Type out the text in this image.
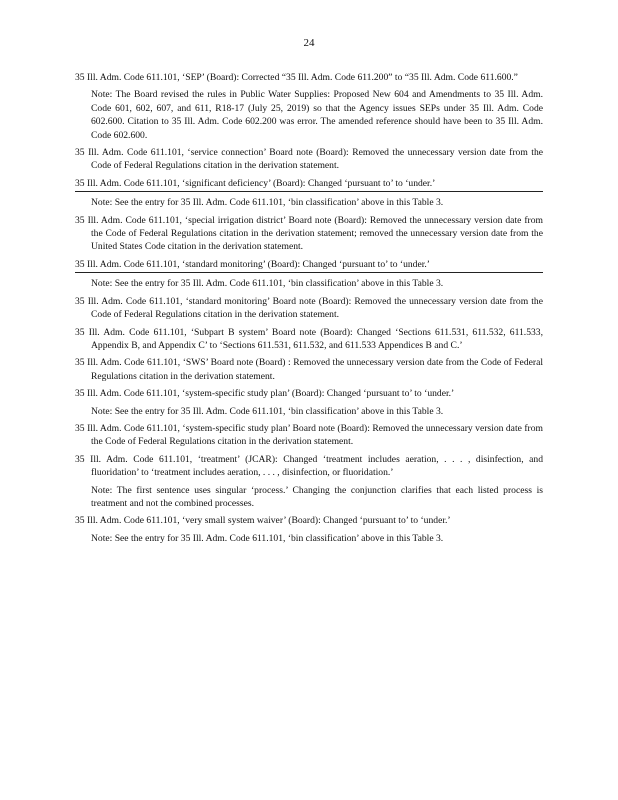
24

35 Ill. Adm. Code 611.101, ‘SEP’ (Board): Corrected “35 Ill. Adm. Code 611.200” to “35 Ill. Adm. Code 611.600.”

Note: The Board revised the rules in Public Water Supplies: Proposed New 604 and Amendments to 35 Ill. Adm. Code 601, 602, 607, and 611, R18-17 (July 25, 2019) so that the Agency issues SEPs under 35 Ill. Adm. Code 602.600. Citation to 35 Ill. Adm. Code 602.200 was error. The amended reference should have been to 35 Ill. Adm. Code 602.600.

35 Ill. Adm. Code 611.101, ‘service connection’ Board note (Board): Removed the unnecessary version date from the Code of Federal Regulations citation in the derivation statement.

35 Ill. Adm. Code 611.101, ‘significant deficiency’ (Board): Changed ‘pursuant to’ to ‘under.’

Note: See the entry for 35 Ill. Adm. Code 611.101, ‘bin classification’ above in this Table 3.

35 Ill. Adm. Code 611.101, ‘special irrigation district’ Board note (Board): Removed the unnecessary version date from the Code of Federal Regulations citation in the derivation statement; removed the unnecessary version date from the United States Code citation in the derivation statement.

35 Ill. Adm. Code 611.101, ‘standard monitoring’ (Board): Changed ‘pursuant to’ to ‘under.’

Note: See the entry for 35 Ill. Adm. Code 611.101, ‘bin classification’ above in this Table 3.

35 Ill. Adm. Code 611.101, ‘standard monitoring’ Board note (Board): Removed the unnecessary version date from the Code of Federal Regulations citation in the derivation statement.

35 Ill. Adm. Code 611.101, ‘Subpart B system’ Board note (Board): Changed ‘Sections 611.531, 611.532, 611.533, Appendix B, and Appendix C’ to ‘Sections 611.531, 611.532, and 611.533 Appendices B and C.’

35 Ill. Adm. Code 611.101, ‘SWS’ Board note (Board) : Removed the unnecessary version date from the Code of Federal Regulations citation in the derivation statement.

35 Ill. Adm. Code 611.101, ‘system-specific study plan’ (Board): Changed ‘pursuant to’ to ‘under.’

Note: See the entry for 35 Ill. Adm. Code 611.101, ‘bin classification’ above in this Table 3.

35 Ill. Adm. Code 611.101, ‘system-specific study plan’ Board note (Board): Removed the unnecessary version date from the Code of Federal Regulations citation in the derivation statement.

35 Ill. Adm. Code 611.101, ‘treatment’ (JCAR): Changed ‘treatment includes aeration, . . . , disinfection, and fluoridation’ to ‘treatment includes aeration, . . . , disinfection, or fluoridation.’

Note: The first sentence uses singular ‘process.’ Changing the conjunction clarifies that each listed process is treatment and not the combined processes.

35 Ill. Adm. Code 611.101, ‘very small system waiver’ (Board): Changed ‘pursuant to’ to ‘under.’

Note: See the entry for 35 Ill. Adm. Code 611.101, ‘bin classification’ above in this Table 3.
